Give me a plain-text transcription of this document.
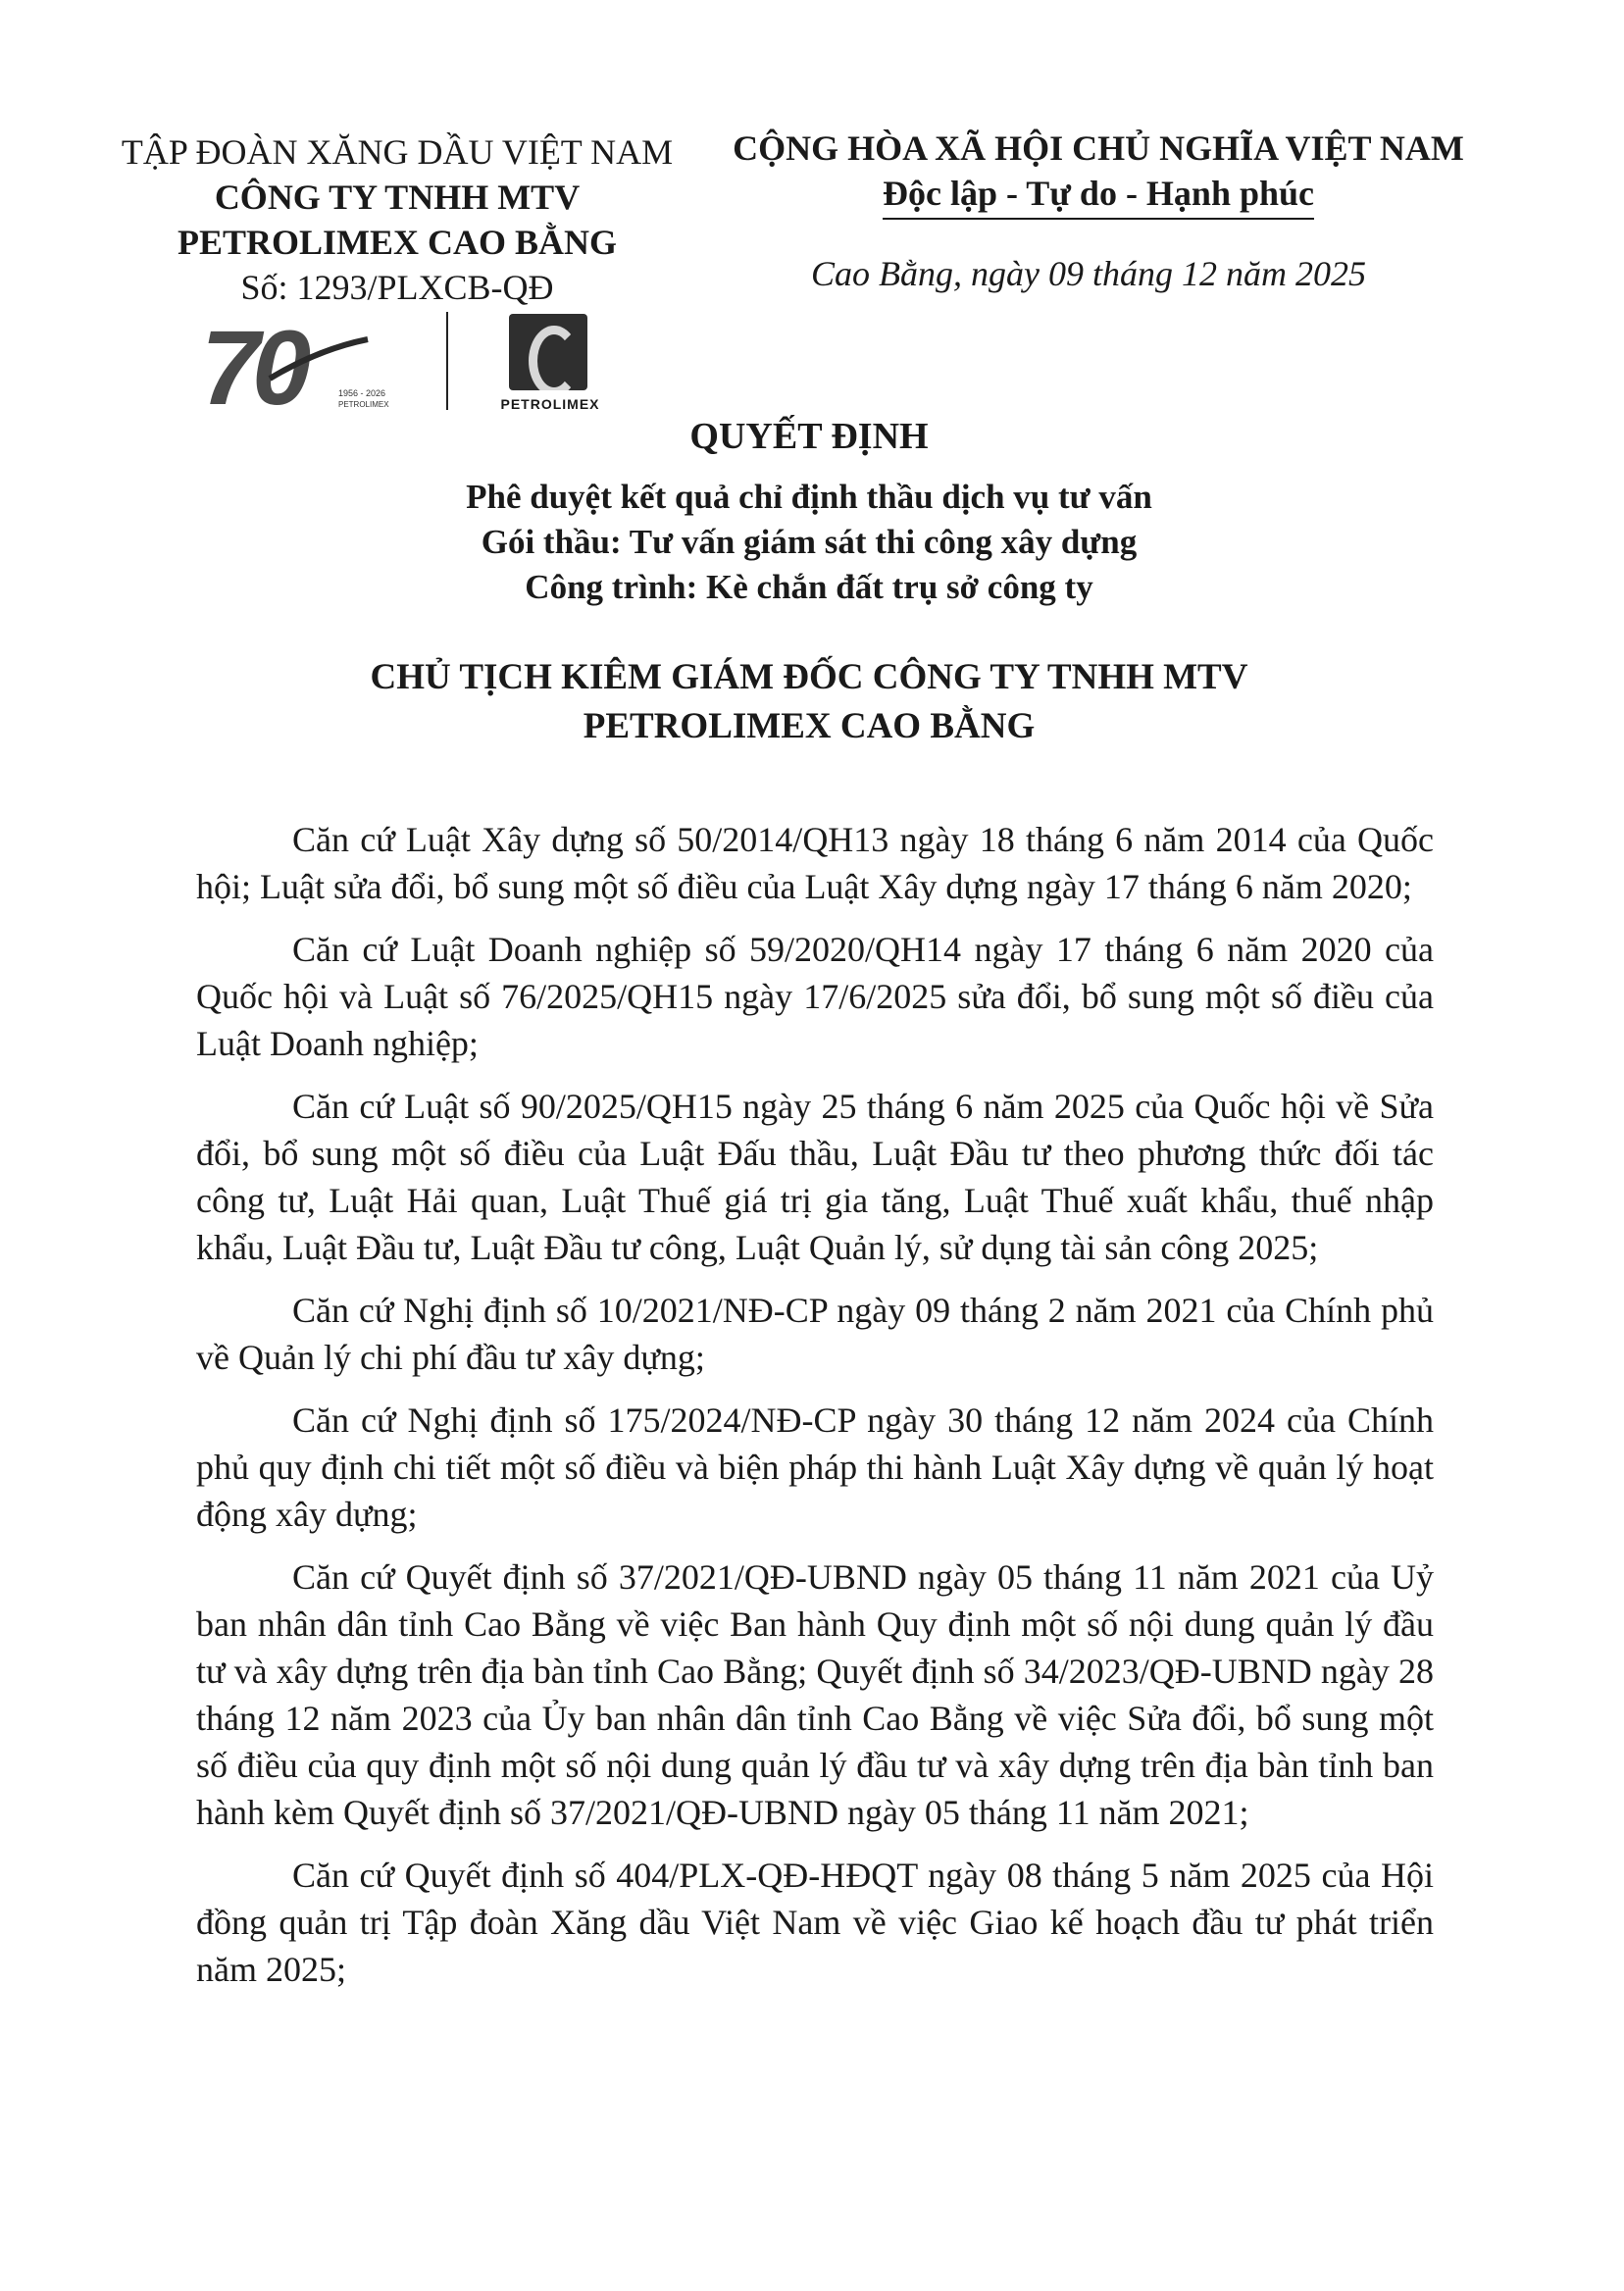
TẬP ĐOÀN XĂNG DẦU VIỆT NAM
CÔNG TY TNHH MTV
PETROLIMEX CAO BẰNG
Số: 1293/PLXCB-QĐ
70	1956 - 2026
PETROLIMEX	PETROLIMEX
CỘNG HÒA XÃ HỘI CHỦ NGHĨA VIỆT NAM
Độc lập - Tự do - Hạnh phúc
Cao Bằng, ngày 09 tháng 12 năm 2025
QUYẾT ĐỊNH
Phê duyệt kết quả chỉ định thầu dịch vụ tư vấn
Gói thầu: Tư vấn giám sát thi công xây dựng
Công trình: Kè chắn đất trụ sở công ty
CHỦ TỊCH KIÊM GIÁM ĐỐC CÔNG TY TNHH MTV
PETROLIMEX CAO BẰNG

Căn cứ Luật Xây dựng số 50/2014/QH13 ngày 18 tháng 6 năm 2014 của Quốc hội; Luật sửa đổi, bổ sung một số điều của Luật Xây dựng ngày 17 tháng 6 năm 2020;

Căn cứ Luật Doanh nghiệp số 59/2020/QH14 ngày 17 tháng 6 năm 2020 của Quốc hội và Luật số 76/2025/QH15 ngày 17/6/2025 sửa đổi, bổ sung một số điều của Luật Doanh nghiệp;

Căn cứ Luật số 90/2025/QH15 ngày 25 tháng 6 năm 2025 của Quốc hội về Sửa đổi, bổ sung một số điều của Luật Đấu thầu, Luật Đầu tư theo phương thức đối tác công tư, Luật Hải quan, Luật Thuế giá trị gia tăng, Luật Thuế xuất khẩu, thuế nhập khẩu, Luật Đầu tư, Luật Đầu tư công, Luật Quản lý, sử dụng tài sản công 2025;

Căn cứ Nghị định số 10/2021/NĐ-CP ngày 09 tháng 2 năm 2021 của Chính phủ về Quản lý chi phí đầu tư xây dựng;

Căn cứ Nghị định số 175/2024/NĐ-CP ngày 30 tháng 12 năm 2024 của Chính phủ quy định chi tiết một số điều và biện pháp thi hành Luật Xây dựng về quản lý hoạt động xây dựng;

Căn cứ Quyết định số 37/2021/QĐ-UBND ngày 05 tháng 11 năm 2021 của Uỷ ban nhân dân tỉnh Cao Bằng về việc Ban hành Quy định một số nội dung quản lý đầu tư và xây dựng trên địa bàn tỉnh Cao Bằng; Quyết định số 34/2023/QĐ-UBND ngày 28 tháng 12 năm 2023 của Ủy ban nhân dân tỉnh Cao Bằng về việc Sửa đổi, bổ sung một số điều của quy định một số nội dung quản lý đầu tư và xây dựng trên địa bàn tỉnh ban hành kèm Quyết định số 37/2021/QĐ-UBND ngày 05 tháng 11 năm 2021;

Căn cứ Quyết định số 404/PLX-QĐ-HĐQT ngày 08 tháng 5 năm 2025 của Hội đồng quản trị Tập đoàn Xăng dầu Việt Nam về việc Giao kế hoạch đầu tư phát triển năm 2025;
